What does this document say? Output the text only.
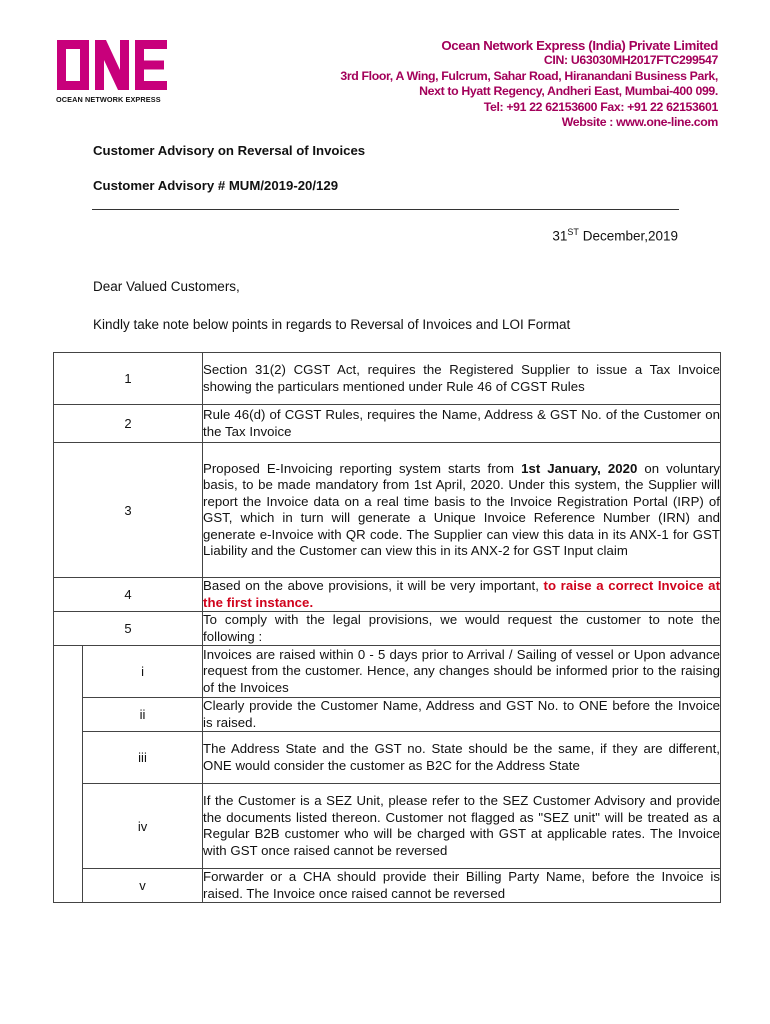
OCEAN NETWORK EXPRESS
Ocean Network Express (India) Private Limited
CIN: U63030MH2017FTC299547
3rd Floor, A Wing, Fulcrum, Sahar Road, Hiranandani Business Park,
Next to Hyatt Regency, Andheri East, Mumbai-400 099.
Tel: +91 22 62153600 Fax: +91 22 62153601
Website : www.one-line.com
Customer Advisory on Reversal of Invoices
Customer Advisory # MUM/2019-20/129
31ST December,2019
Dear Valued Customers,
Kindly take note below points in regards to Reversal of Invoices and LOI Format
1		Section 31(2) CGST Act, requires the Registered Supplier to issue a Tax Invoice showing the particulars mentioned under Rule 46 of CGST Rules
2		Rule 46(d) of CGST Rules, requires the Name, Address & GST No. of the Customer on the Tax Invoice
3		Proposed E-Invoicing reporting system starts from 1st January, 2020 on voluntary basis, to be made mandatory from 1st April, 2020. Under this system, the Supplier will report the Invoice data on a real time basis to the Invoice Registration Portal (IRP) of GST, which in turn will generate a Unique Invoice Reference Number (IRN) and generate e-Invoice with QR code. The Supplier can view this data in its ANX-1 for GST Liability and the Customer can view this in its ANX-2 for GST Input claim
4		Based on the above provisions, it will be very important, to raise a correct Invoice at the first instance.
5		To comply with the legal provisions, we would request the customer to note the following :
	i	Invoices are raised within 0 - 5 days prior to Arrival / Sailing of vessel or Upon advance request from the customer. Hence, any changes should be informed prior to the raising of the Invoices
	ii	Clearly provide the Customer Name, Address and GST No. to ONE before the Invoice is raised.
	iii	The Address State and the GST no. State should be the same, if they are different, ONE would consider the customer as B2C for the Address State
	iv	If the Customer is a SEZ Unit, please refer to the SEZ Customer Advisory and provide the documents listed thereon. Customer not flagged as "SEZ unit" will be treated as a Regular B2B customer who will be charged with GST at applicable rates. The Invoice with GST once raised cannot be reversed
	v	Forwarder or a CHA should provide their Billing Party Name, before the Invoice is raised. The Invoice once raised cannot be reversed
